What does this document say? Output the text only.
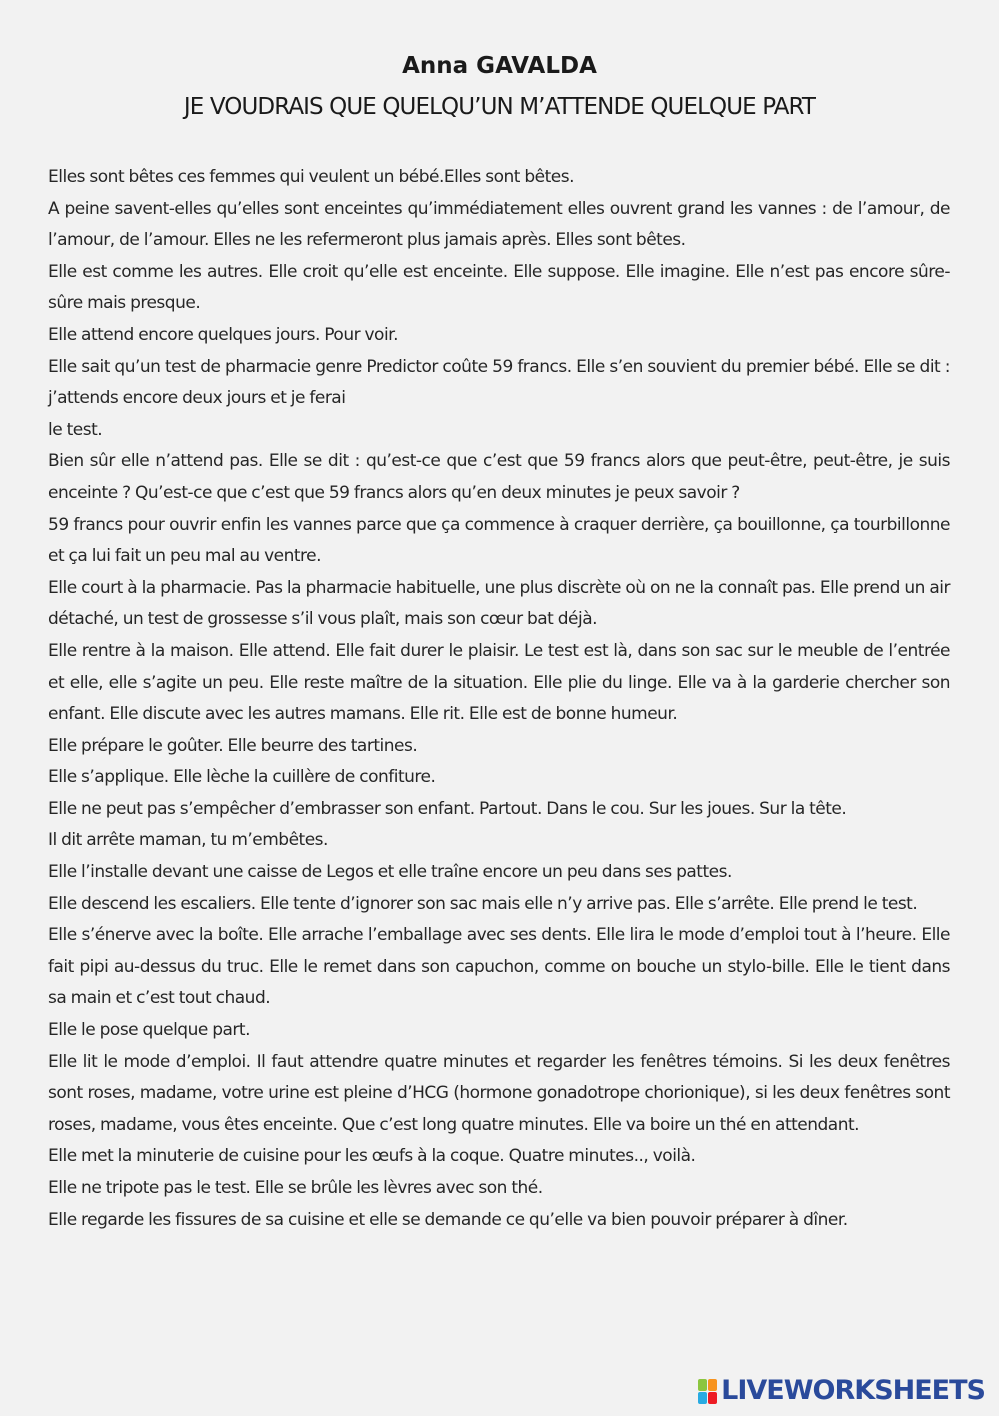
Anna GAVALDA
JE VOUDRAIS QUE QUELQU’UN M’ATTENDE QUELQUE PART

Elles sont bêtes ces femmes qui veulent un bébé.Elles sont bêtes.

A peine savent-elles qu’elles sont enceintes qu’immédiatement elles ouvrent grand les vannes : de l’amour, de l’amour, de l’amour. Elles ne les refermeront plus jamais après. Elles sont bêtes.

Elle est comme les autres. Elle croit qu’elle est enceinte. Elle suppose. Elle imagine. Elle n’est pas encore sûre-sûre mais presque.

Elle attend encore quelques jours. Pour voir.

Elle sait qu’un test de pharmacie genre Predictor coûte 59 francs. Elle s’en souvient du premier bébé. Elle se dit : j’attends encore deux jours et je ferai

le test.

Bien sûr elle n’attend pas. Elle se dit : qu’est-ce que c’est que 59 francs alors que peut-être, peut-être, je suis enceinte ? Qu’est-ce que c’est que 59 francs alors qu’en deux minutes je peux savoir ?

59 francs pour ouvrir enfin les vannes parce que ça commence à craquer derrière, ça bouillonne, ça tourbillonne et ça lui fait un peu mal au ventre.

Elle court à la pharmacie. Pas la pharmacie habituelle, une plus discrète où on ne la connaît pas. Elle prend un air détaché, un test de grossesse s’il vous plaît, mais son cœur bat déjà.

Elle rentre à la maison. Elle attend. Elle fait durer le plaisir. Le test est là, dans son sac sur le meuble de l’entrée et elle, elle s’agite un peu. Elle reste maître de la situation. Elle plie du linge. Elle va à la garderie chercher son enfant. Elle discute avec les autres mamans. Elle rit. Elle est de bonne humeur.

Elle prépare le goûter. Elle beurre des tartines.

Elle s’applique. Elle lèche la cuillère de confiture.

Elle ne peut pas s’empêcher d’embrasser son enfant. Partout. Dans le cou. Sur les joues. Sur la tête.

Il dit arrête maman, tu m’embêtes.

Elle l’installe devant une caisse de Legos et elle traîne encore un peu dans ses pattes.

Elle descend les escaliers. Elle tente d’ignorer son sac mais elle n’y arrive pas. Elle s’arrête. Elle prend le test.

Elle s’énerve avec la boîte. Elle arrache l’emballage avec ses dents. Elle lira le mode d’emploi tout à l’heure. Elle fait pipi au-dessus du truc. Elle le remet dans son capuchon, comme on bouche un stylo-bille. Elle le tient dans sa main et c’est tout chaud.

Elle le pose quelque part.

Elle lit le mode d’emploi. Il faut attendre quatre minutes et regarder les fenêtres témoins. Si les deux fenêtres sont roses, madame, votre urine est pleine d’HCG (hormone gonadotrope chorionique), si les deux fenêtres sont roses, madame, vous êtes enceinte. Que c’est long quatre minutes. Elle va boire un thé en attendant.

Elle met la minuterie de cuisine pour les œufs à la coque. Quatre minutes.., voilà.

Elle ne tripote pas le test. Elle se brûle les lèvres avec son thé.

Elle regarde les fissures de sa cuisine et elle se demande ce qu’elle va bien pouvoir préparer à dîner.

LIVEWORKSHEETS
